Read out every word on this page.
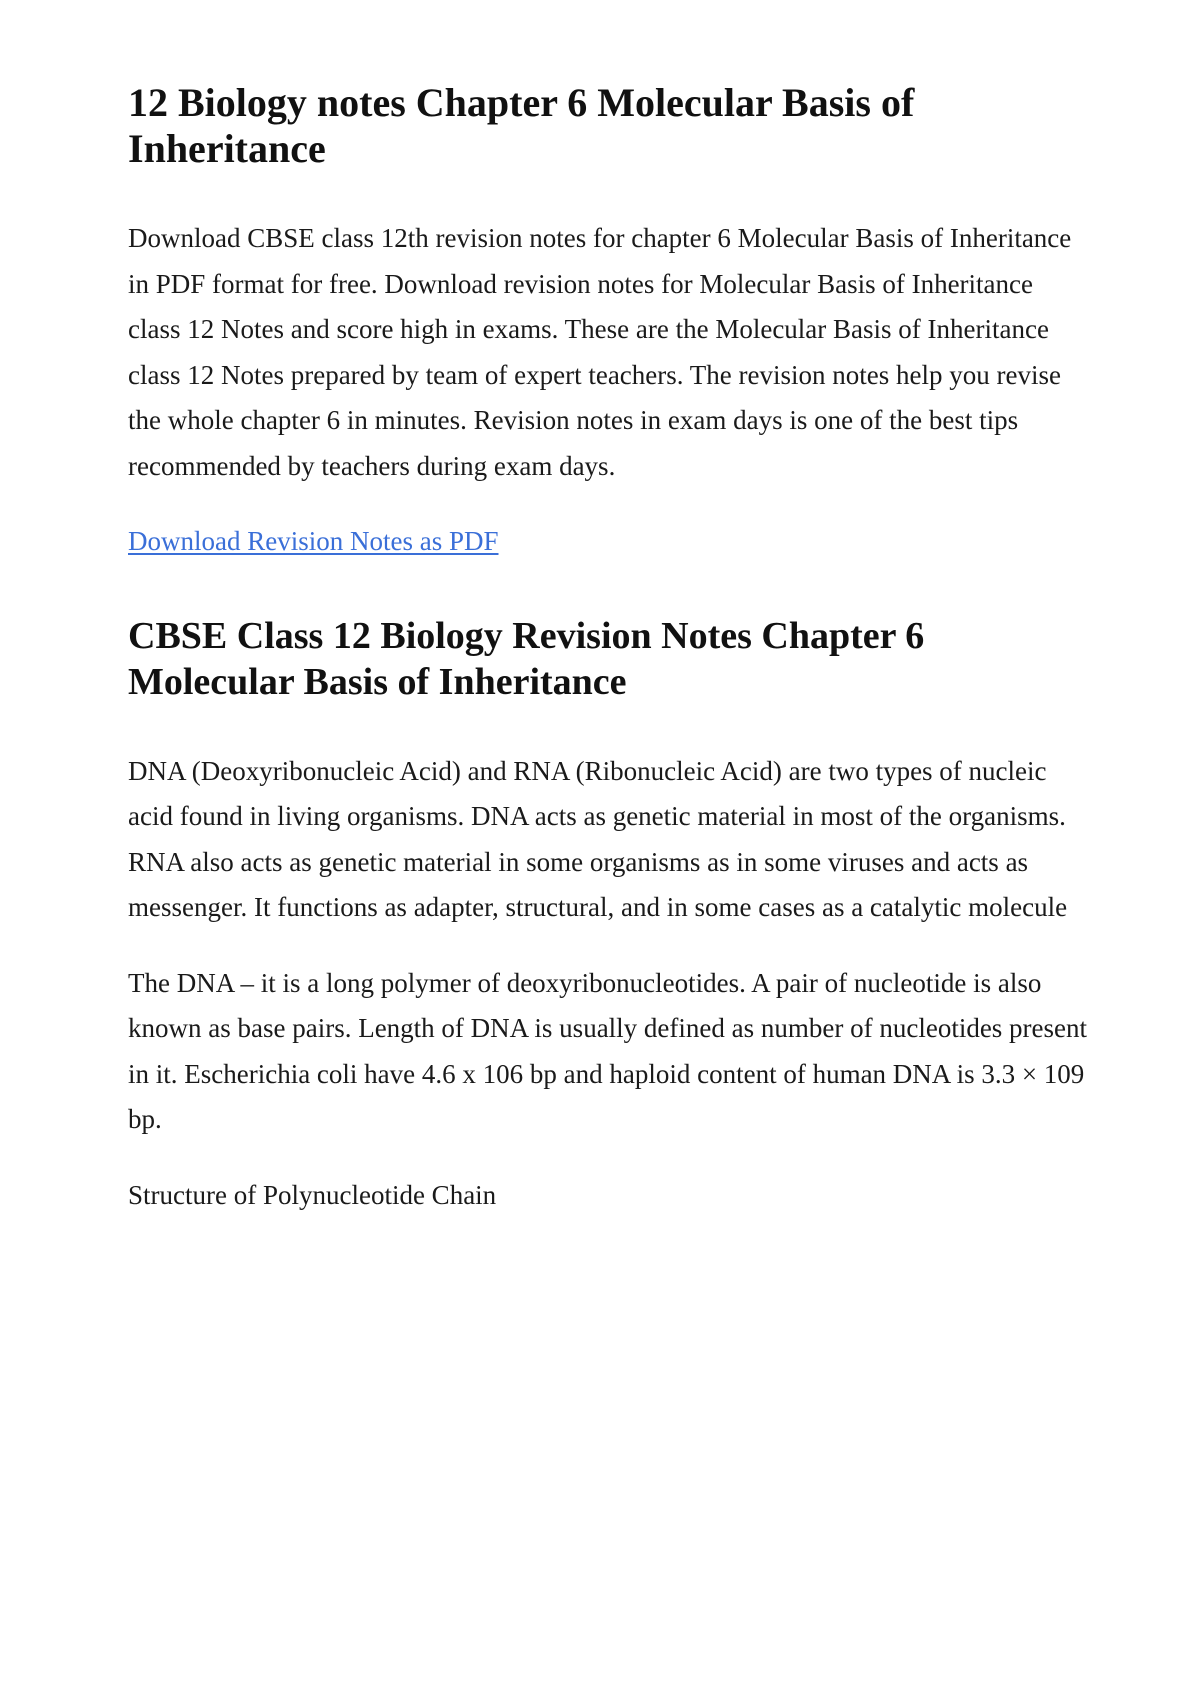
12 Biology notes Chapter 6 Molecular Basis of Inheritance

Download CBSE class 12th revision notes for chapter 6 Molecular Basis of Inheritance in PDF format for free. Download revision notes for Molecular Basis of Inheritance class 12 Notes and score high in exams. These are the Molecular Basis of Inheritance class 12 Notes prepared by team of expert teachers. The revision notes help you revise the whole chapter 6 in minutes. Revision notes in exam days is one of the best tips recommended by teachers during exam days.

Download Revision Notes as PDF

CBSE Class 12 Biology Revision Notes Chapter 6 Molecular Basis of Inheritance

DNA (Deoxyribonucleic Acid) and RNA (Ribonucleic Acid) are two types of nucleic acid found in living organisms. DNA acts as genetic material in most of the organisms. RNA also acts as genetic material in some organisms as in some viruses and acts as messenger. It functions as adapter, structural, and in some cases as a catalytic molecule

The DNA – it is a long polymer of deoxyribonucleotides. A pair of nucleotide is also known as base pairs. Length of DNA is usually defined as number of nucleotides present in it. Escherichia coli have 4.6 x 106 bp and haploid content of human DNA is 3.3 × 109 bp.

Structure of Polynucleotide Chain
